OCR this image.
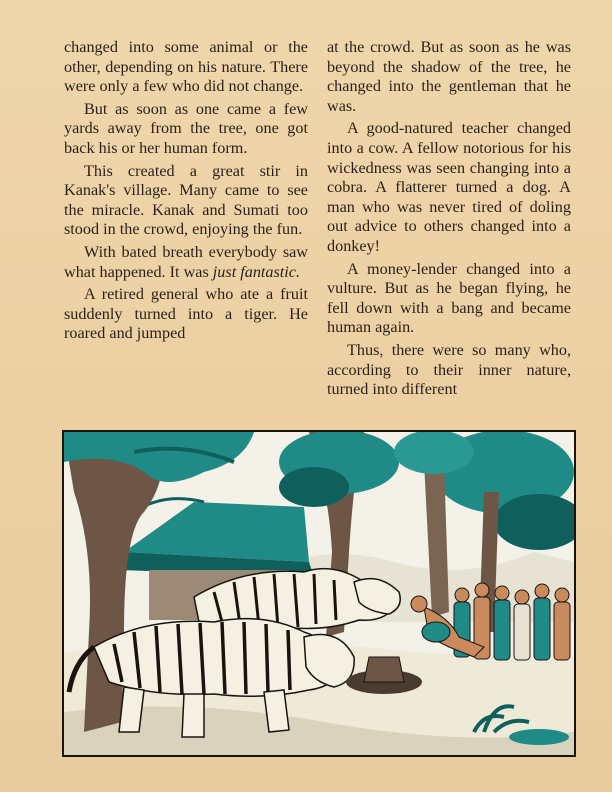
changed into some animal or the other, depending on his nature. There were only a few who did not change.

But as soon as one came a few yards away from the tree, one got back his or her human form.

This created a great stir in Kanak's village. Many came to see the miracle. Kanak and Sumati too stood in the crowd, enjoying the fun.

With bated breath everybody saw what happened. It was just fantastic.

A retired general who ate a fruit suddenly turned into a tiger. He roared and jumped

at the crowd. But as soon as he was beyond the shadow of the tree, he changed into the gentleman that he was.

A good-natured teacher changed into a cow. A fellow notorious for his wickedness was seen changing into a cobra. A flatterer turned a dog. A man who was never tired of doling out advice to others changed into a donkey!

A money-lender changed into a vulture. But as he began flying, he fell down with a bang and became human again.

Thus, there were so many who, according to their inner nature, turned into different
